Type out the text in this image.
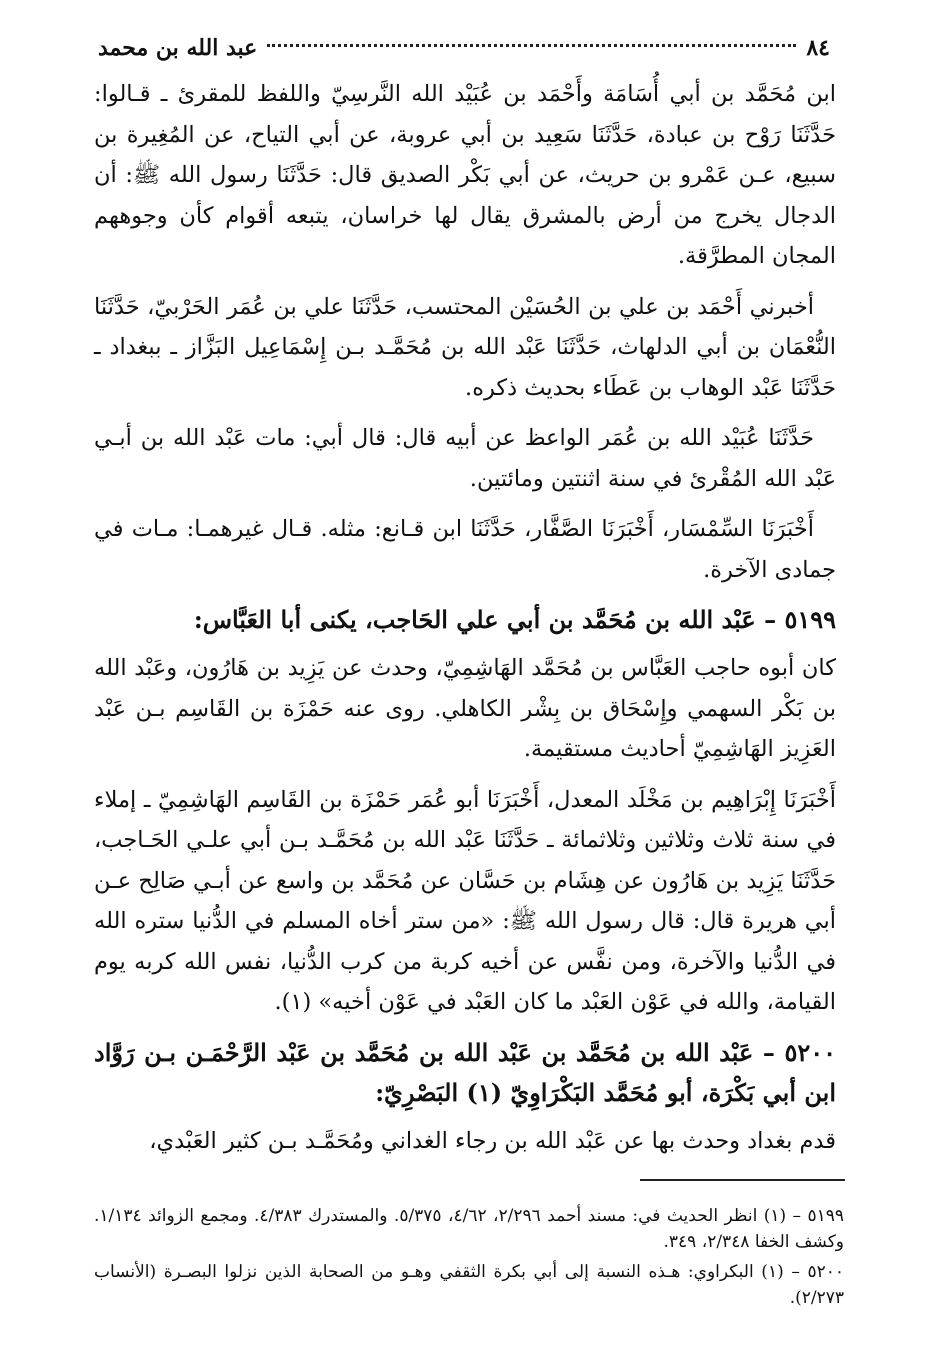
٨٤
عبد الله بن محمد

ابن مُحَمَّد بن أبي أُسَامَة وأَحْمَد بن عُبَيْد الله النَّرسِيّ واللفظ للمقرئ ـ قـالوا: حَدَّثَنَا رَوْح بن عبادة، حَدَّثَنَا سَعِيد بن أبي عروبة، عن أبي التياح، عن المُغِيرة بن سبيع، عـن عَمْرو بن حريث، عن أبي بَكْر الصديق قال: حَدَّثَنَا رسول الله ﷺ: أن الدجال يخرج من أرض بالمشرق يقال لها خراسان، يتبعه أقوام كأن وجوههم المجان المطرَّقة.

أخبرني أَحْمَد بن علي بن الحُسَيْن المحتسب، حَدَّثَنَا علي بن عُمَر الحَرْبيّ، حَدَّثَنَا النُّعْمَان بن أبي الدلهاث، حَدَّثَنَا عَبْد الله بن مُحَمَّـد بـن إِسْمَاعِيل البَزَّاز ـ ببغداد ـ حَدَّثَنَا عَبْد الوهاب بن عَطَاء بحديث ذكره.

حَدَّثَنَا عُبَيْد الله بن عُمَر الواعظ عن أبيه قال: قال أبي: مات عَبْد الله بن أبـي عَبْد الله المُقْرئ في سنة اثنتين ومائتين.

أَخْبَرَنَا السِّمْسَار، أَخْبَرَنَا الصَّفَّار، حَدَّثَنَا ابن قـانع: مثله. قـال غيرهمـا: مـات في جمادى الآخرة.

٥١٩٩ – عَبْد الله بن مُحَمَّد بن أبي علي الحَاجب، يكنى أبا العَبَّاس:

كان أبوه حاجب العَبَّاس بن مُحَمَّد الهَاشِمِيّ، وحدث عن يَزِيد بن هَارُون، وعَبْد الله بن بَكْر السهمي وإِسْحَاق بن بِشْر الكاهلي. روى عنه حَمْزَة بن القَاسِم بـن عَبْد العَزِيز الهَاشِمِيّ أحاديث مستقيمة.

أَخْبَرَنَا إِبْرَاهِيم بن مَخْلَد المعدل، أَخْبَرَنَا أبو عُمَر حَمْزَة بن القَاسِم الهَاشِمِيّ ـ إملاء في سنة ثلاث وثلاثين وثلاثمائة ـ حَدَّثَنَا عَبْد الله بن مُحَمَّـد بـن أبي علـي الحَـاجب، حَدَّثَنَا يَزِيد بن هَارُون عن هِشَام بن حَسَّان عن مُحَمَّد بن واسع عن أبـي صَالِح عـن أبي هريرة قال: قال رسول الله ﷺ: «من ستر أخاه المسلم في الدُّنيا ستره الله في الدُّنيا والآخرة، ومن نفَّس عن أخيه كربة من كرب الدُّنيا، نفس الله كربه يوم القيامة، والله في عَوْن العَبْد ما كان العَبْد في عَوْن أخيه» (١).

٥٢٠٠ – عَبْد الله بن مُحَمَّد بن عَبْد الله بن مُحَمَّد بن عَبْد الرَّحْمَـن بـن رَوَّاد ابن أبي بَكْرَة، أبو مُحَمَّد البَكْرَاوِيّ (١) البَصْرِيّ:

قدم بغداد وحدث بها عن عَبْد الله بن رجاء الغداني ومُحَمَّـد بـن كثير العَبْدي،

٥١٩٩ – (١) انظر الحديث في: مسند أحمد ٢/٢٩٦، ٤/٦٢، ٥/٣٧٥. والمستدرك ٤/٣٨٣. ومجمع الزوائد ١/١٣٤. وكشف الخفا ٢/٣٤٨، ٣٤٩.

٥٢٠٠ – (١) البكراوي: هـذه النسبة إلى أبي بكرة الثقفي وهـو من الصحابة الذين نزلوا البصـرة (الأنساب ٢/٢٧٣).
